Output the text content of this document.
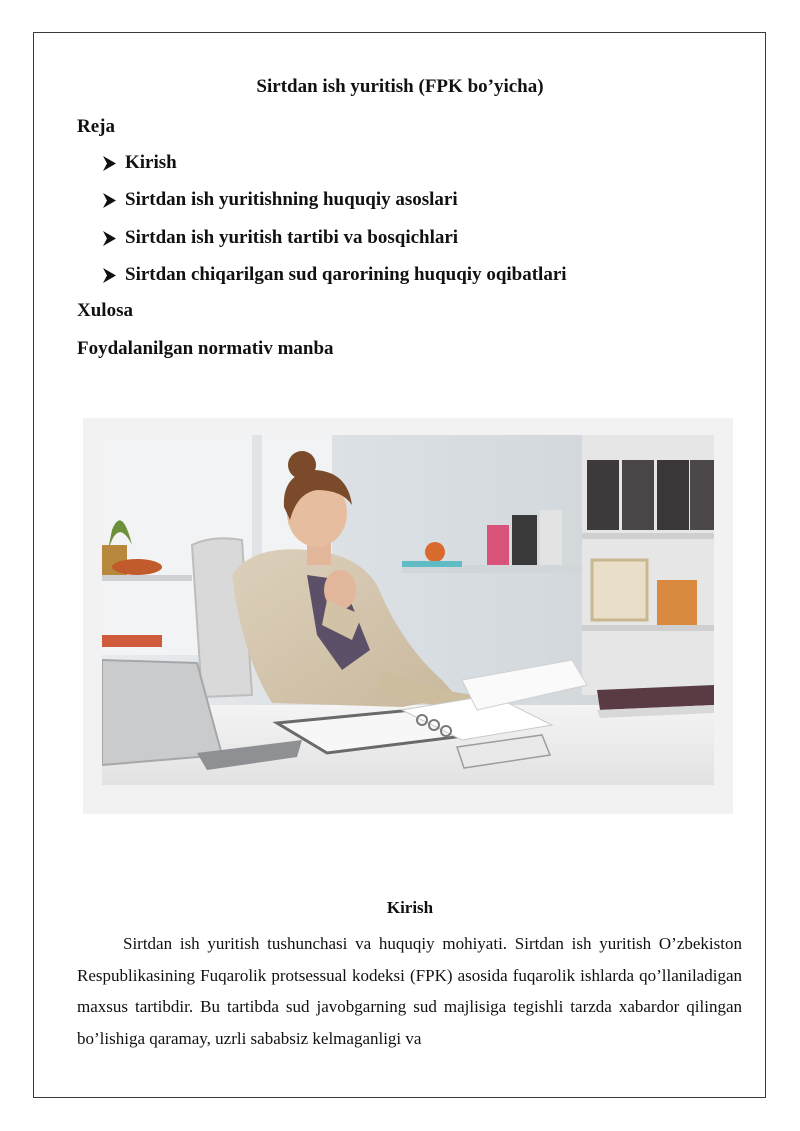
Sirtdan ish yuritish (FPK bo’yicha)

Reja

Kirish
Sirtdan ish yuritishning huquqiy asoslari
Sirtdan ish yuritish tartibi va bosqichlari
Sirtdan chiqarilgan sud qarorining huquqiy oqibatlari

Xulosa

Foydalanilgan normativ manba

Kirish

Sirtdan ish yuritish tushunchasi va huquqiy mohiyati. Sirtdan ish yuritish O’zbekiston Respublikasining Fuqarolik protsessual kodeksi (FPK) asosida fuqarolik ishlarda qo’llaniladigan maxsus tartibdir. Bu tartibda sud javobgarning sud majlisiga tegishli tarzda xabardor qilingan bo’lishiga qaramay, uzrli sababsiz kelmaganligi va
